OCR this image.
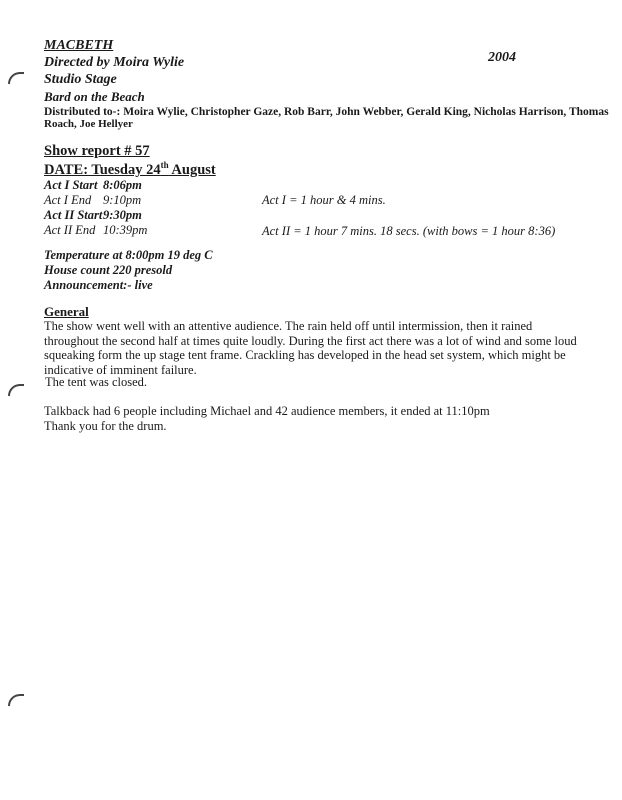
MACBETH
2004
Directed by Moira Wylie
Studio Stage
Bard on the Beach
Distributed to-: Moira Wylie, Christopher Gaze, Rob Barr, John Webber, Gerald King, Nicholas Harrison, Thomas
Roach, Joe Hellyer
Show report # 57
DATE: Tuesday 24th August
Act I Start 8:06pm
Act I End 9:10pm
Act II Start 9:30pm
Act II End 10:39pm
Act I = 1 hour & 4 mins.
Act II = 1 hour 7 mins. 18 secs. (with bows = 1 hour 8:36)
Temperature at 8:00pm 19 deg C
House count 220 presold
Announcement:- live
General

The show went well with an attentive audience. The rain held off until intermission, then it rained throughout the second half at times quite loudly. During the first act there was a lot of wind and some loud squeaking form the up stage tent frame. Crackling has developed in the head set system, which might be indicative of imminent failure.

The tent was closed.
Talkback had 6 people including Michael and 42 audience members, it ended at 11:10pm
Thank you for the drum.
